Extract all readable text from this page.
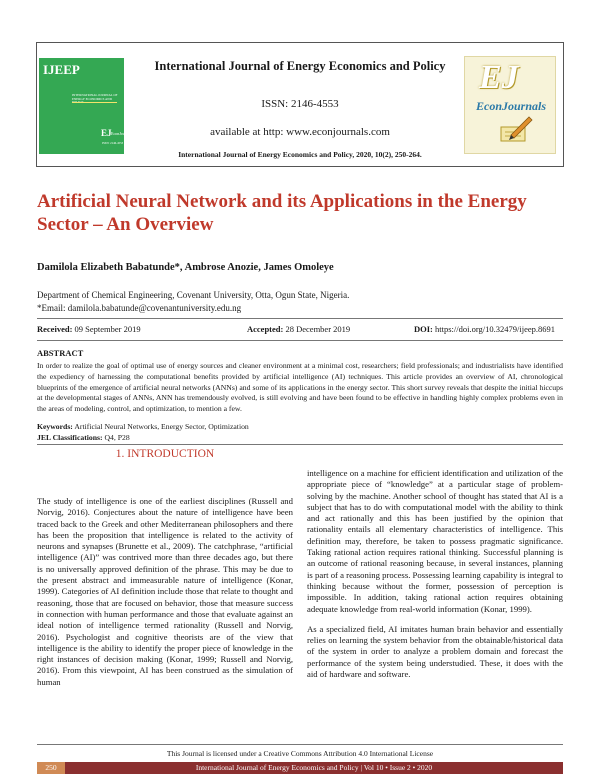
IJEEP
INTERNATIONAL JOURNAL OF ENERGY ECONOMICS AND
EJ EconJournals
ISSN: 2146-4553
International Journal of Energy Economics and Policy
ISSN: 2146-4553
available at http: www.econjournals.com
International Journal of Energy Economics and Policy, 2020, 10(2), 250-264.
EJ
EconJournals
Artificial Neural Network and its Applications in the Energy Sector – An Overview
Damilola Elizabeth Babatunde*, Ambrose Anozie, James Omoleye
Department of Chemical Engineering, Covenant University, Otta, Ogun State, Nigeria.
*Email: damilola.babatunde@covenantuniversity.edu.ng
Received: 09 September 2019	Accepted: 28 December 2019	DOI: https://doi.org/10.32479/ijeep.8691
ABSTRACT
In order to realize the goal of optimal use of energy sources and cleaner environment at a minimal cost, researchers; field professionals; and industrialists have identified the expediency of harnessing the computational benefits provided by artificial intelligence (AI) techniques. This article provides an overview of AI, chronological blueprints of the emergence of artificial neural networks (ANNs) and some of its applications in the energy sector. This short survey reveals that despite the initial hiccups at the developmental stages of ANNs, ANN has tremendously evolved, is still evolving and have been found to be effective in handling highly complex problems even in the areas of modeling, control, and optimization, to mention a few.
Keywords: Artificial Neural Networks, Energy Sector, Optimization
JEL Classifications: Q4, P28
1. INTRODUCTION

The study of intelligence is one of the earliest disciplines (Russell and Norvig, 2016). Conjectures about the nature of intelligence have been traced back to the Greek and other Mediterranean philosophers and there has been the proposition that intelligence is related to the activity of neurons and synapses (Brunette et al., 2009). The catchphrase, “artificial intelligence (AI)” was contrived more than three decades ago, but there is no universally approved definition of the phrase. This may be due to the present abstract and immeasurable nature of intelligence (Konar, 1999). Categories of AI definition include those that relate to thought and reasoning, those that are focused on behavior, those that measure success in connection with human performance and those that evaluate against an ideal notion of intelligence termed rationality (Russell and Norvig, 2016). Psychologist and cognitive theorists are of the view that intelligence is the ability to identify the proper piece of knowledge in the right instances of decision making (Konar, 1999; Russell and Norvig, 2016). From this viewpoint, AI has been construed as the simulation of human

intelligence on a machine for efficient identification and utilization of the appropriate piece of “knowledge” at a particular stage of problem-solving by the machine. Another school of thought has stated that AI is a subject that has to do with computational model with the ability to think and act rationally and this has been justified by the opinion that rationality entails all elementary characteristics of intelligence. This definition may, therefore, be taken to possess pragmatic significance. Taking rational action requires rational thinking. Successful planning is an outcome of rational reasoning because, in several instances, planning is part of a reasoning process. Possessing learning capability is integral to thinking because without the former, possession of perception is impossible. In addition, taking rational action requires obtaining adequate knowledge from real-world information (Konar, 1999).

As a specialized field, AI imitates human brain behavior and essentially relies on learning the system behavior from the obtainable/historical data of the system in order to analyze a problem domain and forecast the performance of the system being understudied. These, it does with the aid of hardware and software.

This Journal is licensed under a Creative Commons Attribution 4.0 International License
250	International Journal of Energy Economics and Policy | Vol 10 • Issue 2 • 2020
